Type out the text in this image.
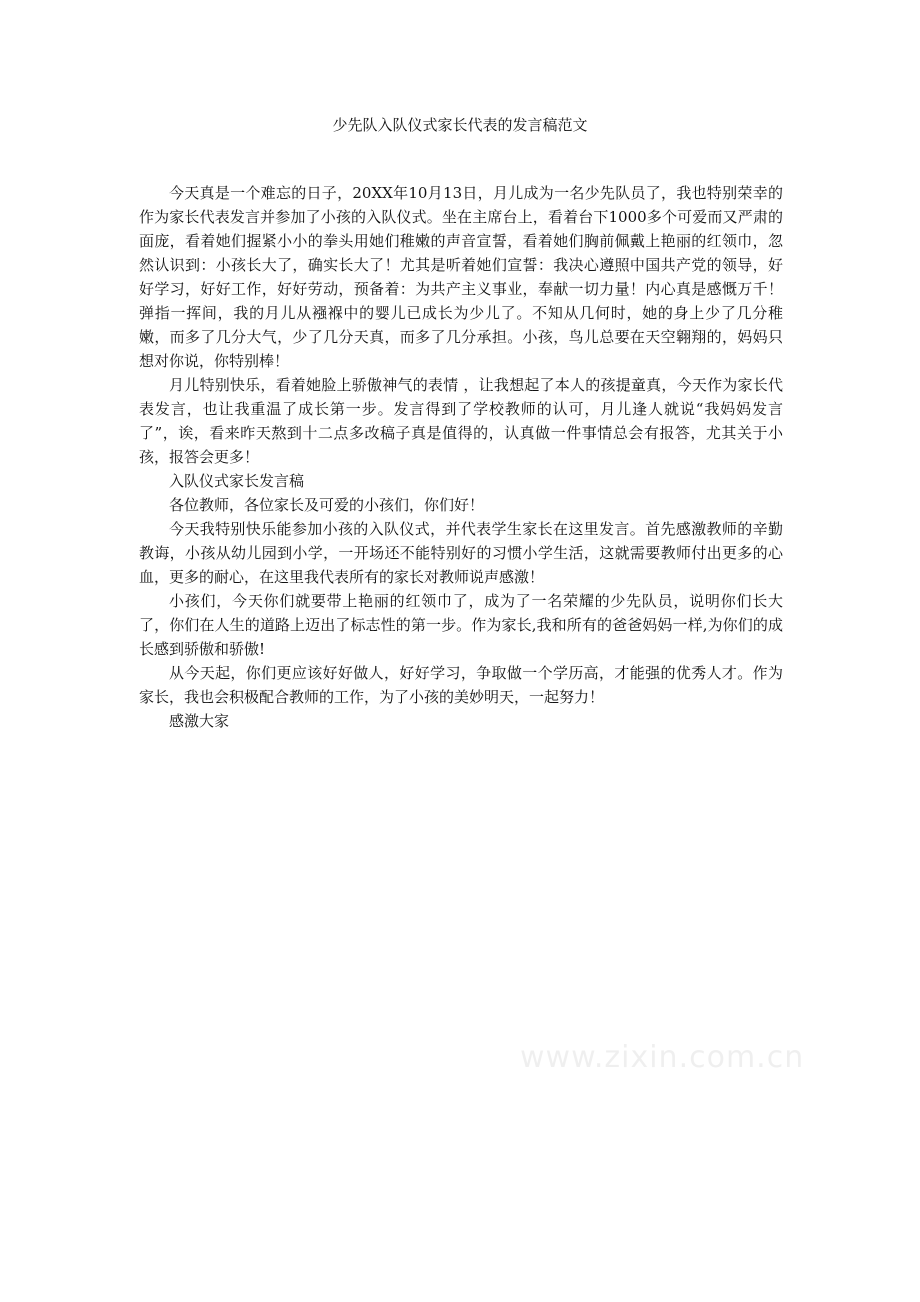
少先队入队仪式家长代表的发言稿范文

今天真是一个难忘的日子，20XX年10月13日，月儿成为一名少先队员了，我也特别荣幸的作为家长代表发言并参加了小孩的入队仪式。坐在主席台上，看着台下1000多个可爱而又严肃的面庞，看着她们握紧小小的拳头用她们稚嫩的声音宣誓，看着她们胸前佩戴上艳丽的红领巾，忽然认识到：小孩长大了，确实长大了！尤其是听着她们宣誓：我决心遵照中国共产党的领导，好好学习，好好工作，好好劳动，预备着：为共产主义事业，奉献一切力量！内心真是感慨万千！弹指一挥间，我的月儿从襁褓中的婴儿已成长为少儿了。不知从几何时，她的身上少了几分稚嫩，而多了几分大气，少了几分天真，而多了几分承担。小孩，鸟儿总要在天空翱翔的，妈妈只想对你说，你特别棒！

月儿特别快乐，看着她脸上骄傲神气的表情 ，让我想起了本人的孩提童真，今天作为家长代表发言，也让我重温了成长第一步。发言得到了学校教师的认可，月儿逢人就说“我妈妈发言了”，诶，看来昨天熬到十二点多改稿子真是值得的，认真做一件事情总会有报答，尤其关于小孩，报答会更多！

入队仪式家长发言稿

各位教师，各位家长及可爱的小孩们，你们好！

今天我特别快乐能参加小孩的入队仪式，并代表学生家长在这里发言。首先感激教师的辛勤教诲，小孩从幼儿园到小学，一开场还不能特别好的习惯小学生活，这就需要教师付出更多的心血，更多的耐心，在这里我代表所有的家长对教师说声感激！

小孩们，今天你们就要带上艳丽的红领巾了，成为了一名荣耀的少先队员，说明你们长大了，你们在人生的道路上迈出了标志性的第一步。作为家长,我和所有的爸爸妈妈一样,为你们的成长感到骄傲和骄傲!

从今天起，你们更应该好好做人，好好学习，争取做一个学历高，才能强的优秀人才。作为家长，我也会积极配合教师的工作，为了小孩的美妙明天，一起努力！

感激大家

www.zixin.com.cn
